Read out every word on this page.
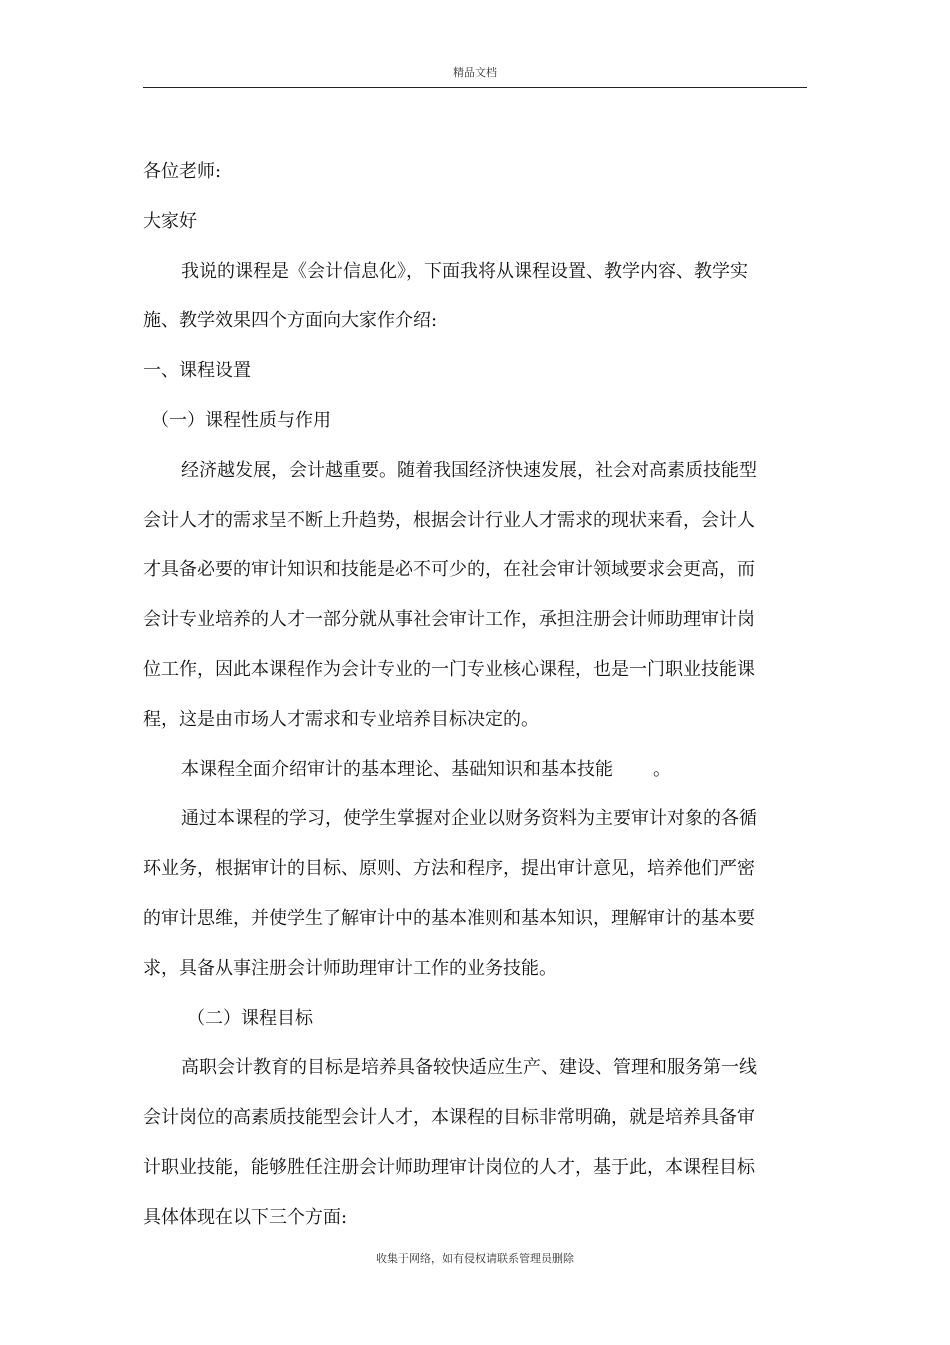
精品文档

各位老师:

大家好

我说的课程是《会计信息化》，下面我将从课程设置、教学内容、教学实

施、教学效果四个方面向大家作介绍:

一、课程设置

（一）课程性质与作用

经济越发展，会计越重要。随着我国经济快速发展，社会对高素质技能型

会计人才的需求呈不断上升趋势，根据会计行业人才需求的现状来看，会计人

才具备必要的审计知识和技能是必不可少的，在社会审计领域要求会更高，而

会计专业培养的人才一部分就从事社会审计工作，承担注册会计师助理审计岗

位工作，因此本课程作为会计专业的一门专业核心课程，也是一门职业技能课

程，这是由市场人才需求和专业培养目标决定的。

本课程全面介绍审计的基本理论、基础知识和基本技能 。

通过本课程的学习，使学生掌握对企业以财务资料为主要审计对象的各循

环业务，根据审计的目标、原则、方法和程序，提出审计意见，培养他们严密

的审计思维，并使学生了解审计中的基本准则和基本知识，理解审计的基本要

求，具备从事注册会计师助理审计工作的业务技能。

（二）课程目标

高职会计教育的目标是培养具备较快适应生产、建设、管理和服务第一线

会计岗位的高素质技能型会计人才，本课程的目标非常明确，就是培养具备审

计职业技能，能够胜任注册会计师助理审计岗位的人才，基于此，本课程目标

具体体现在以下三个方面:

收集于网络，如有侵权请联系管理员删除
